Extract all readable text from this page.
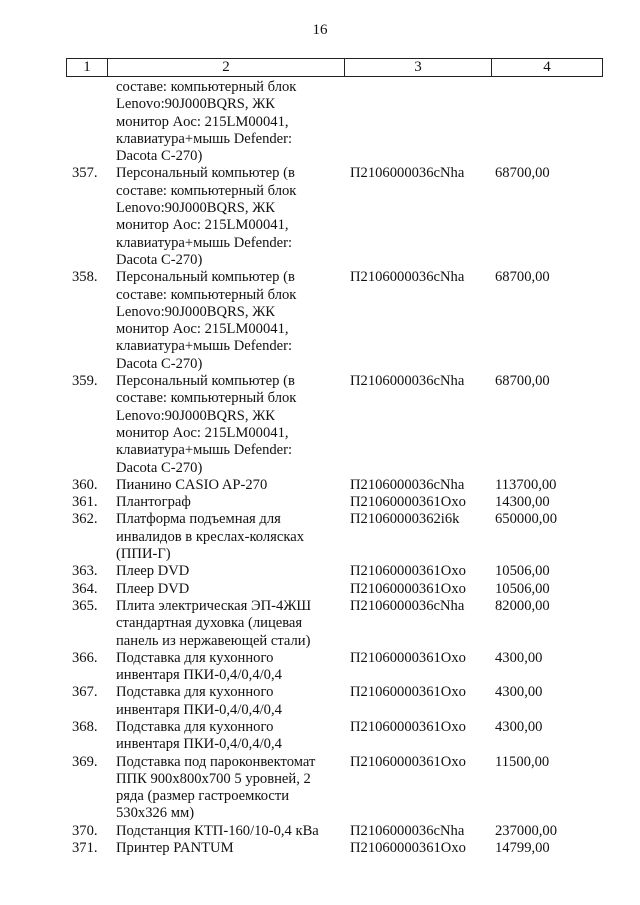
16
1	2	3	4
составе: компьютерный блок
Lenovo:90J000BQRS, ЖК
монитор Aoc: 215LM00041,
клавиатура+мышь Defender:
Dacota C-270)
357.	Персональный компьютер (в
составе: компьютерный блок
Lenovo:90J000BQRS, ЖК
монитор Aoc: 215LM00041,
клавиатура+мышь Defender:
Dacota C-270)
П2106000036cNha 68700,00
358.	Персональный компьютер (в
составе: компьютерный блок
Lenovo:90J000BQRS, ЖК
монитор Aoc: 215LM00041,
клавиатура+мышь Defender:
Dacota C-270)
П2106000036cNha 68700,00
359.	Персональный компьютер (в
составе: компьютерный блок
Lenovo:90J000BQRS, ЖК
монитор Aoc: 215LM00041,
клавиатура+мышь Defender:
Dacota C-270)
П2106000036cNha 68700,00
360.	Пианино CASIO AP-270	П2106000036cNha 113700,00
361.	Плантограф	П21060000361Oxo 14300,00
362.	Платформа подъемная для
инвалидов в креслах-колясках
(ППИ-Г)
П21060000362i6k 650000,00
363.	Плеер DVD	П21060000361Oxo 10506,00
364.	Плеер DVD	П21060000361Oxo 10506,00
365.	Плита электрическая ЭП-4ЖШ
стандартная духовка (лицевая
панель из нержавеющей стали)
П2106000036cNha 82000,00
366.	Подставка для кухонного
инвентаря ПКИ-0,4/0,4/0,4
П21060000361Oxo 4300,00
367.	Подставка для кухонного
инвентаря ПКИ-0,4/0,4/0,4
П21060000361Oxo 4300,00
368.	Подставка для кухонного
инвентаря ПКИ-0,4/0,4/0,4
П21060000361Oxo 4300,00
369.	Подставка под пароконвектомат
ППК 900x800x700 5 уровней, 2
ряда (размер гастроемкости
530x326 мм)
П21060000361Oxo 11500,00
370.	Подстанция КТП-160/10-0,4 кВа	П2106000036cNha 237000,00
371.	Принтер PANTUM	П21060000361Oxo 14799,00
